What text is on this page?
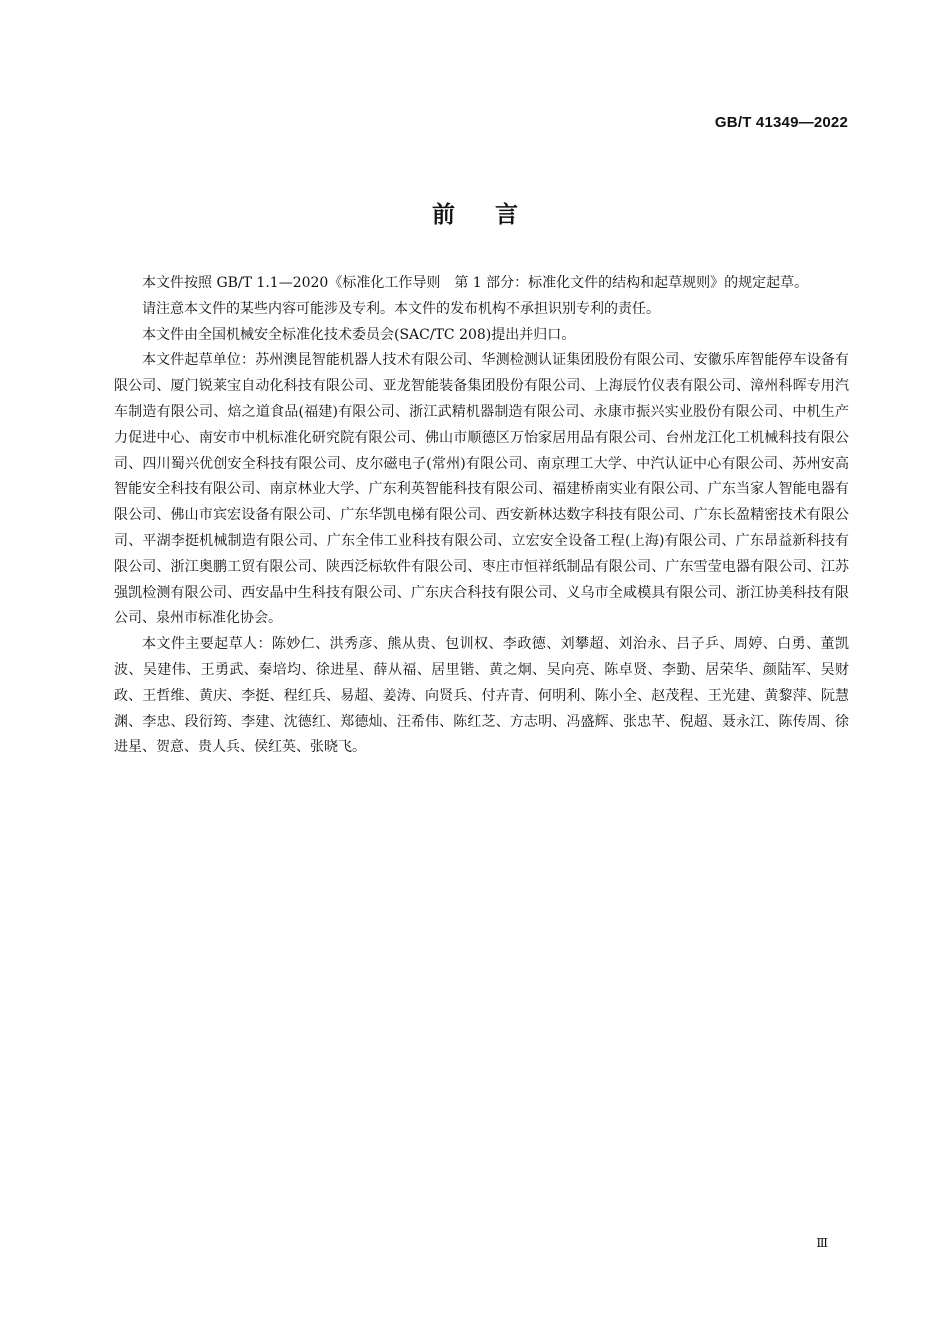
GB/T 41349—2022
前 言

本文件按照 GB/T 1.1—2020《标准化工作导则　第 1 部分：标准化文件的结构和起草规则》的规定起草。

请注意本文件的某些内容可能涉及专利。本文件的发布机构不承担识别专利的责任。

本文件由全国机械安全标准化技术委员会(SAC/TC 208)提出并归口。

本文件起草单位：苏州澳昆智能机器人技术有限公司、华测检测认证集团股份有限公司、安徽乐库智能停车设备有限公司、厦门锐莱宝自动化科技有限公司、亚龙智能装备集团股份有限公司、上海辰竹仪表有限公司、漳州科晖专用汽车制造有限公司、焙之道食品(福建)有限公司、浙江武精机器制造有限公司、永康市振兴实业股份有限公司、中机生产力促进中心、南安市中机标准化研究院有限公司、佛山市顺德区万怡家居用品有限公司、台州龙江化工机械科技有限公司、四川蜀兴优创安全科技有限公司、皮尔磁电子(常州)有限公司、南京理工大学、中汽认证中心有限公司、苏州安高智能安全科技有限公司、南京林业大学、广东利英智能科技有限公司、福建桥南实业有限公司、广东当家人智能电器有限公司、佛山市宾宏设备有限公司、广东华凯电梯有限公司、西安新林达数字科技有限公司、广东长盈精密技术有限公司、平湖李挺机械制造有限公司、广东全伟工业科技有限公司、立宏安全设备工程(上海)有限公司、广东昂益新科技有限公司、浙江奥鹏工贸有限公司、陕西泛标软件有限公司、枣庄市恒祥纸制品有限公司、广东雪莹电器有限公司、江苏强凯检测有限公司、西安晶中生科技有限公司、广东庆合科技有限公司、义乌市全咸模具有限公司、浙江协美科技有限公司、泉州市标准化协会。

本文件主要起草人：陈妙仁、洪秀彦、熊从贵、包训权、李政德、刘攀超、刘治永、吕子乒、周婷、白勇、董凯波、吴建伟、王勇武、秦培均、徐进星、薛从福、居里锴、黄之炯、吴向亮、陈卓贤、李勤、居荣华、颜陆军、吴财政、王哲维、黄庆、李挺、程红兵、易超、姜涛、向贤兵、付卉青、何明利、陈小全、赵茂程、王光建、黄黎萍、阮慧渊、李忠、段衍筠、李建、沈德红、郑德灿、汪希伟、陈红芝、方志明、冯盛辉、张忠芊、倪超、聂永江、陈传周、徐进星、贺意、贵人兵、侯红英、张晓飞。

Ⅲ
